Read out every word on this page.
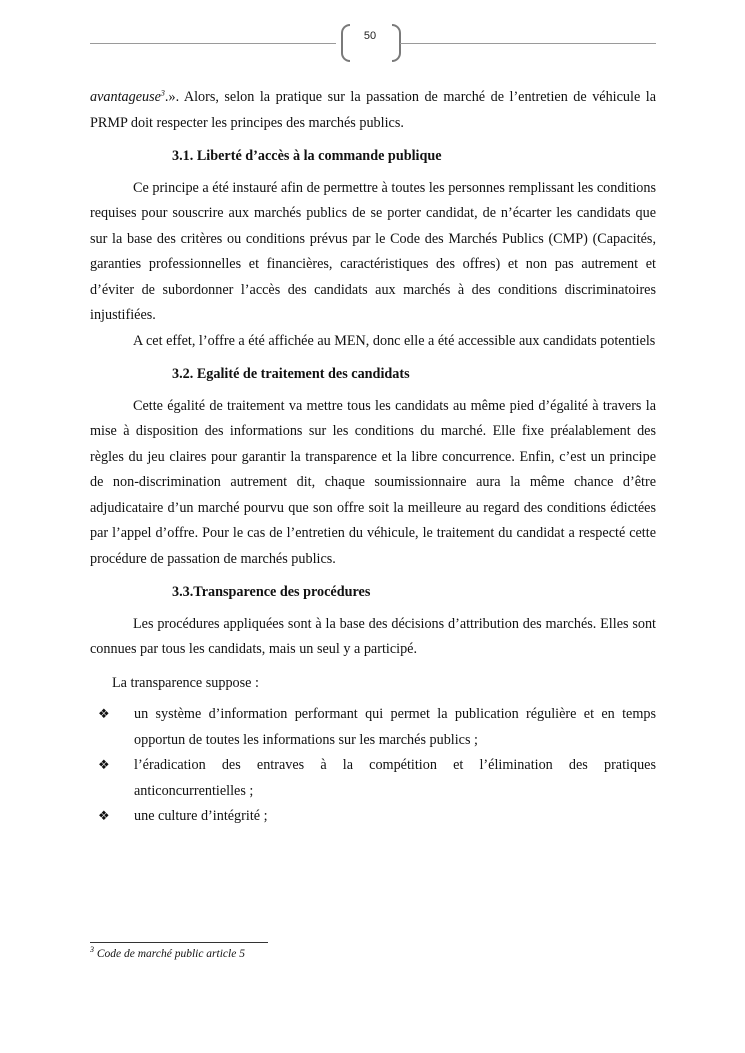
50

avantageuse$^3$.». Alors, selon la pratique sur la passation de marché de l’entretien de véhicule la PRMP doit respecter les principes des marchés publics.

3.1. Liberté d’accès à la commande publique

Ce principe a été instauré afin de permettre à toutes les personnes remplissant les conditions requises pour souscrire aux marchés publics de se porter candidat, de n’écarter les candidats que sur la base des critères ou conditions prévus par le Code des Marchés Publics (CMP) (Capacités, garanties professionnelles et financières, caractéristiques des offres) et non pas autrement et d’éviter de subordonner l’accès des candidats aux marchés à des conditions discriminatoires injustifiées.

A cet effet, l’offre a été affichée au MEN, donc elle a été accessible aux candidats potentiels

3.2. Egalité de traitement des candidats

Cette égalité de traitement va mettre tous les candidats au même pied d’égalité à travers la mise à disposition des informations sur les conditions du marché. Elle fixe préalablement des règles du jeu claires pour garantir la transparence et la libre concurrence. Enfin, c’est un principe de non-discrimination autrement dit, chaque soumissionnaire aura la même chance d’être adjudicataire d’un marché pourvu que son offre soit la meilleure au regard des conditions édictées par l’appel d’offre. Pour le cas de l’entretien du véhicule, le traitement du candidat a respecté cette procédure de passation de marchés publics.

3.3.Transparence des procédures

Les procédures appliquées sont à la base des décisions d’attribution des marchés. Elles sont connues par tous les candidats, mais un seul y a participé.

La transparence suppose :

❖ un système d’information performant qui permet la publication régulière et en temps opportun de toutes les informations sur les marchés publics ;
❖ l’éradication des entraves à la compétition et l’élimination des pratiques anticoncurrentielles ;
❖ une culture d’intégrité ;
$^3$ Code de marché public article 5
